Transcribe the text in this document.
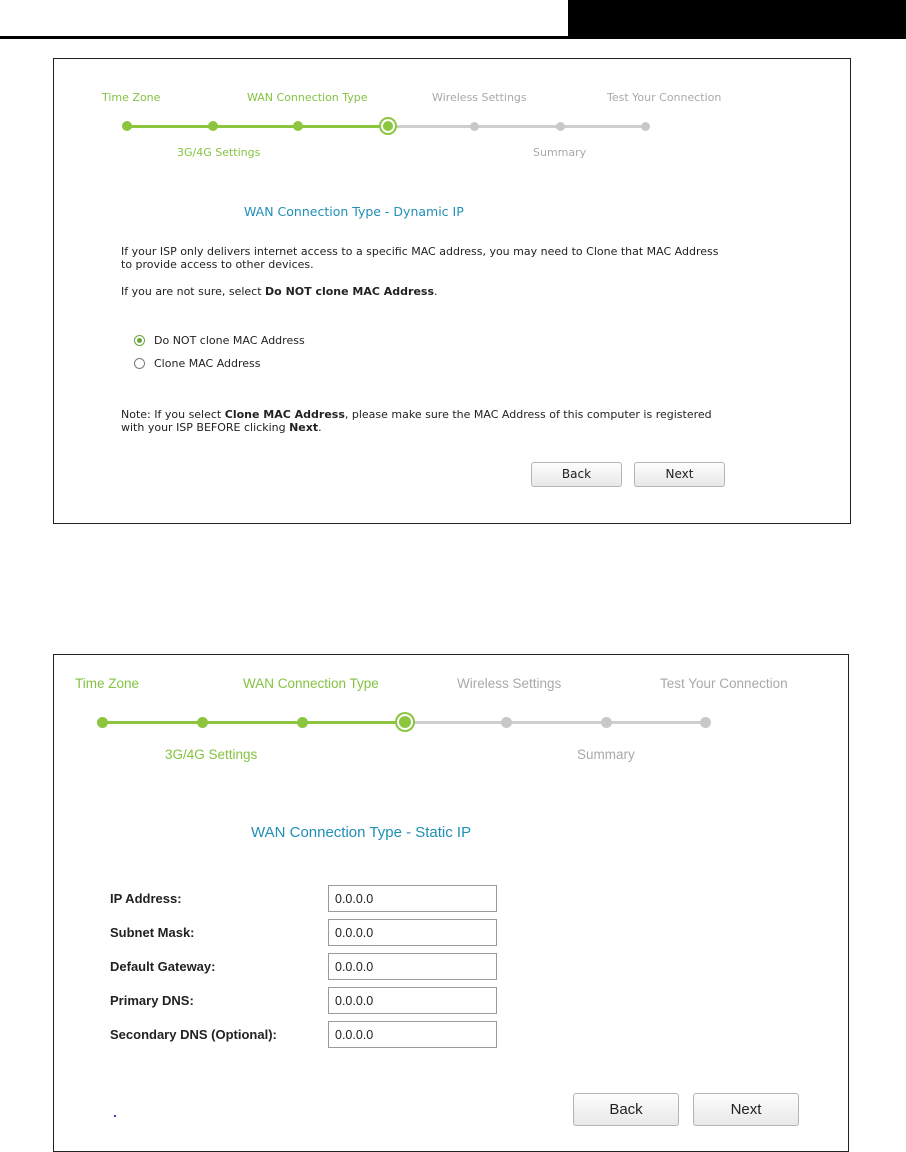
Time Zone	WAN Connection Type	Wireless Settings	Test Your Connection
3G/4G Settings	Summary
WAN Connection Type - Dynamic IP
If your ISP only delivers internet access to a specific MAC address, you may need to Clone that MAC Address
to provide access to other devices.
If you are not sure, select Do NOT clone MAC Address.
Do NOT clone MAC Address
Clone MAC Address
Note: If you select Clone MAC Address, please make sure the MAC Address of this computer is registered
with your ISP BEFORE clicking Next.
Back	Next
Time Zone	WAN Connection Type	Wireless Settings	Test Your Connection
3G/4G Settings	Summary
WAN Connection Type - Static IP
IP Address:
0.0.0.0
Subnet Mask:
0.0.0.0
Default Gateway:
0.0.0.0
Primary DNS:
0.0.0.0
Secondary DNS (Optional):
0.0.0.0
Back	Next
